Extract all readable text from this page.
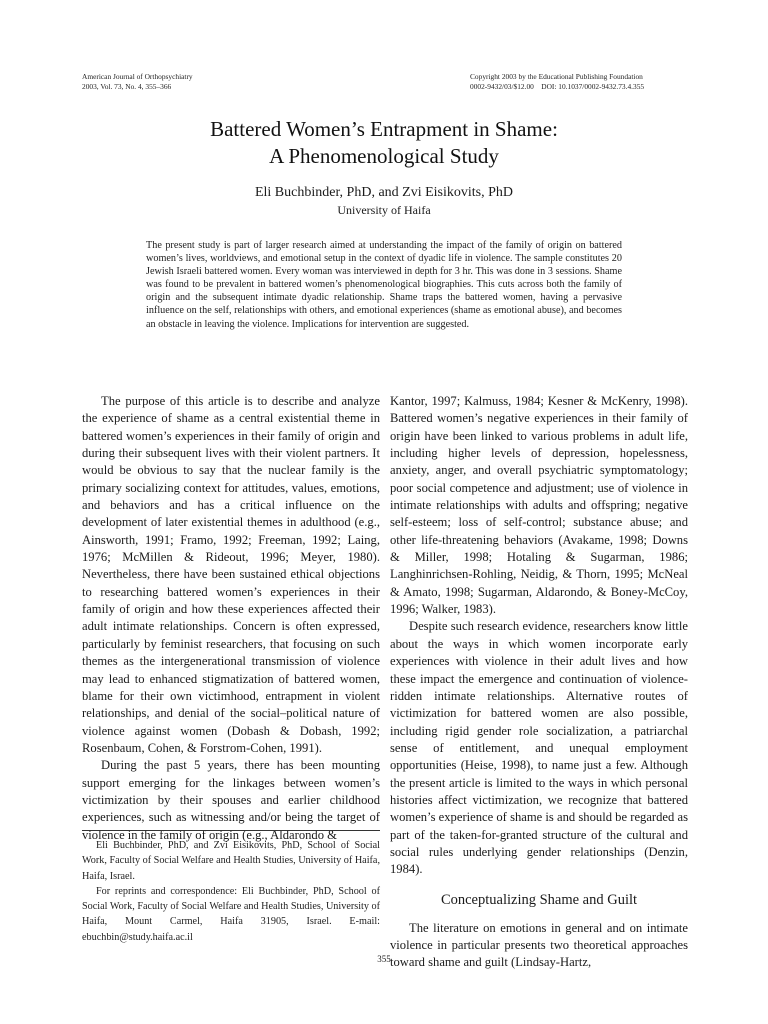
American Journal of Orthopsychiatry
2003, Vol. 73, No. 4, 355–366
Copyright 2003 by the Educational Publishing Foundation
0002-9432/03/$12.00    DOI: 10.1037/0002-9432.73.4.355
Battered Women’s Entrapment in Shame:
A Phenomenological Study
Eli Buchbinder, PhD, and Zvi Eisikovits, PhD
University of Haifa
The present study is part of larger research aimed at understanding the impact of the family of origin on battered women’s lives, worldviews, and emotional setup in the context of dyadic life in violence. The sample constitutes 20 Jewish Israeli battered women. Every woman was interviewed in depth for 3 hr. This was done in 3 sessions. Shame was found to be prevalent in battered women’s phenomenological biographies. This cuts across both the family of origin and the subsequent intimate dyadic relationship. Shame traps the battered women, having a pervasive influence on the self, relationships with others, and emotional experiences (shame as emotional abuse), and becomes an obstacle in leaving the violence. Implications for intervention are suggested.

The purpose of this article is to describe and analyze the experience of shame as a central existential theme in battered women’s experiences in their family of origin and during their subsequent lives with their violent partners. It would be obvious to say that the nuclear family is the primary socializing context for attitudes, values, emotions, and behaviors and has a critical influence on the development of later existential themes in adulthood (e.g., Ainsworth, 1991; Framo, 1992; Freeman, 1992; Laing, 1976; McMillen & Rideout, 1996; Meyer, 1980). Nevertheless, there have been sustained ethical objections to researching battered women’s experiences in their family of origin and how these experiences affected their adult intimate relationships. Concern is often expressed, particularly by feminist researchers, that focusing on such themes as the intergenerational transmission of violence may lead to enhanced stigmatization of battered women, blame for their own victimhood, entrapment in violent relationships, and denial of the social–political nature of violence against women (Dobash & Dobash, 1992; Rosenbaum, Cohen, & Forstrom-Cohen, 1991).

During the past 5 years, there has been mounting support emerging for the linkages between women’s victimization by their spouses and earlier childhood experiences, such as witnessing and/or being the target of violence in the family of origin (e.g., Aldarondo &

Kantor, 1997; Kalmuss, 1984; Kesner & McKenry, 1998). Battered women’s negative experiences in their family of origin have been linked to various problems in adult life, including higher levels of depression, hopelessness, anxiety, anger, and overall psychiatric symptomatology; poor social competence and adjustment; use of violence in intimate relationships with adults and offspring; negative self-esteem; loss of self-control; substance abuse; and other life-threatening behaviors (Avakame, 1998; Downs & Miller, 1998; Hotaling & Sugarman, 1986; Langhinrichsen-Rohling, Neidig, & Thorn, 1995; McNeal & Amato, 1998; Sugarman, Aldarondo, & Boney-McCoy, 1996; Walker, 1983).

Despite such research evidence, researchers know little about the ways in which women incorporate early experiences with violence in their adult lives and how these impact the emergence and continuation of violence-ridden intimate relationships. Alternative routes of victimization for battered women are also possible, including rigid gender role socialization, a patriarchal sense of entitlement, and unequal employment opportunities (Heise, 1998), to name just a few. Although the present article is limited to the ways in which personal histories affect victimization, we recognize that battered women’s experience of shame is and should be regarded as part of the taken-for-granted structure of the cultural and social rules underlying gender relationships (Denzin, 1984).

Conceptualizing Shame and Guilt

The literature on emotions in general and on intimate violence in particular presents two theoretical approaches toward shame and guilt (Lindsay-Hartz,

Eli Buchbinder, PhD, and Zvi Eisikovits, PhD, School of Social Work, Faculty of Social Welfare and Health Studies, University of Haifa, Haifa, Israel.

For reprints and correspondence: Eli Buchbinder, PhD, School of Social Work, Faculty of Social Welfare and Health Studies, University of Haifa, Mount Carmel, Haifa 31905, Israel. E-mail: ebuchbin@study.haifa.ac.il

355
